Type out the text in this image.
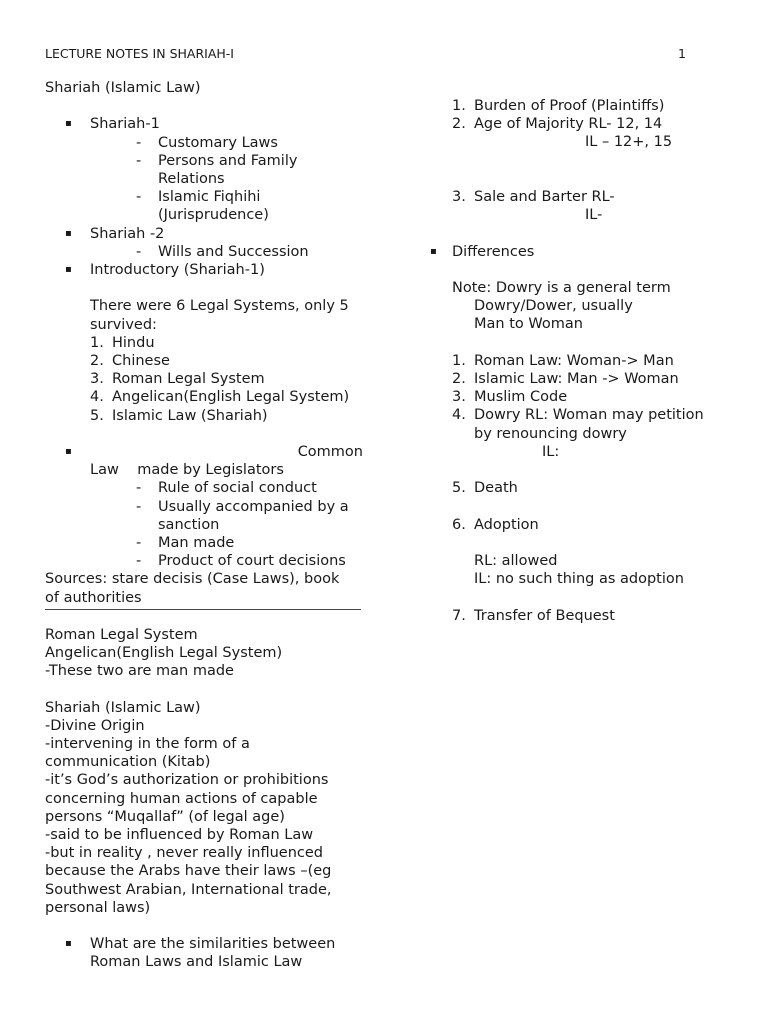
LECTURE NOTES IN SHARIAH-I	1
Shariah (Islamic Law)
▪ Shariah-1
- Customary Laws
- Persons and Family
Relations
- Islamic Fiqhihi
(Jurisprudence)
▪ Shariah -2
- Wills and Succession
▪ Introductory (Shariah-1)
There were 6 Legal Systems, only 5
survived:
1. Hindu
2. Chinese
3. Roman Legal System
4. Angelican(English Legal System)
5. Islamic Law (Shariah)
▪	Common
Law    made by Legislators
- Rule of social conduct
- Usually accompanied by a
sanction
- Man made
- Product of court decisions
Sources: stare decisis (Case Laws), book
of authorities
Roman Legal System
Angelican(English Legal System)
-These two are man made
Shariah (Islamic Law)
-Divine Origin
-intervening in the form of a
communication (Kitab)
-it’s God’s authorization or prohibitions
concerning human actions of capable
persons “Muqallaf” (of legal age)
-said to be influenced by Roman Law
-but in reality , never really influenced
because the Arabs have their laws –(eg
Southwest Arabian, International trade,
personal laws)
▪ What are the similarities between
Roman Laws and Islamic Law
1. Burden of Proof (Plaintiffs)
2. Age of Majority RL- 12, 14
IL – 12+, 15
3. Sale and Barter RL-
IL-
▪ Differences
Note: Dowry is a general term
Dowry/Dower, usually
Man to Woman
1. Roman Law: Woman-> Man
2. Islamic Law: Man -> Woman
3. Muslim Code
4. Dowry RL: Woman may petition
by renouncing dowry
IL:
5. Death
6. Adoption
RL: allowed
IL: no such thing as adoption
7. Transfer of Bequest
